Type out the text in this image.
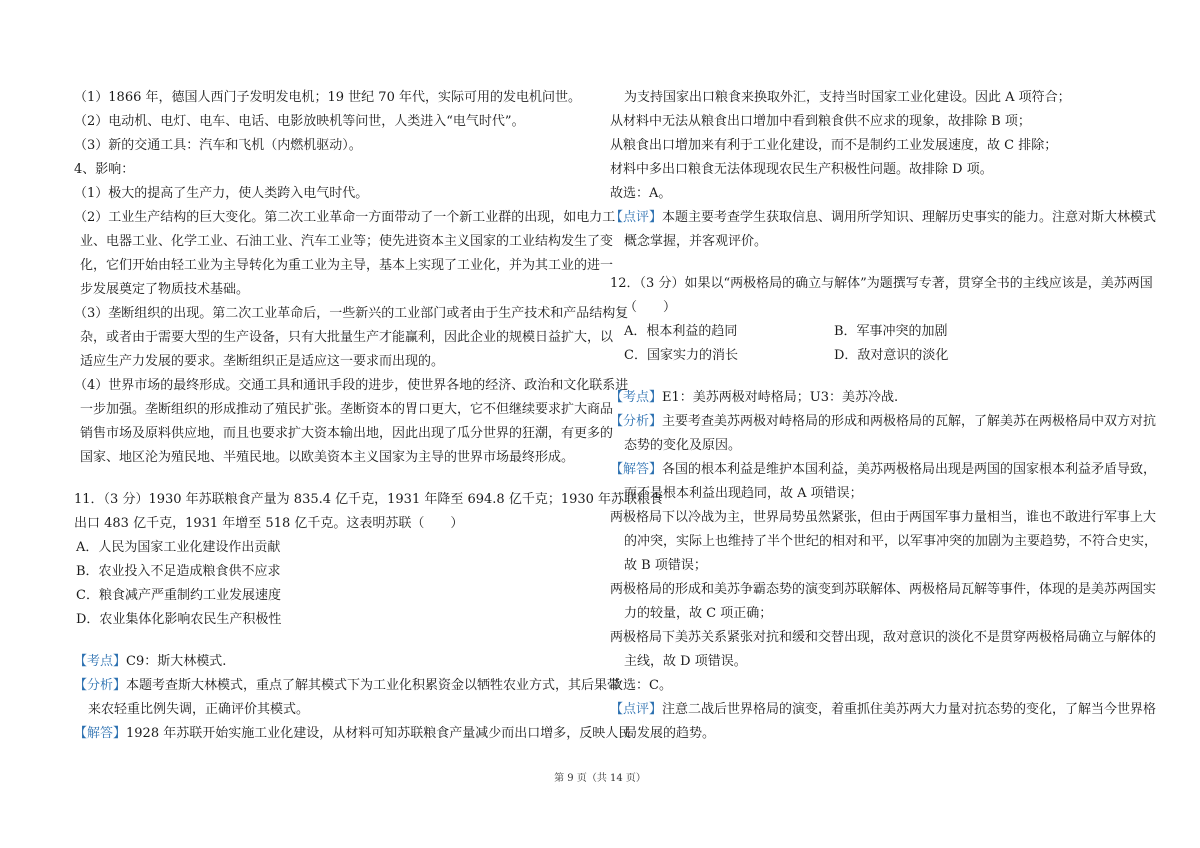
（1）1866 年，德国人西门子发明发电机；19 世纪 70 年代，实际可用的发电机问世。
（2）电动机、电灯、电车、电话、电影放映机等问世，人类进入“电气时代”。
（3）新的交通工具：汽车和飞机（内燃机驱动）。
4、影响：
（1）极大的提高了生产力，使人类跨入电气时代。
（2）工业生产结构的巨大变化。第二次工业革命一方面带动了一个新工业群的出现，如电力工
业、电器工业、化学工业、石油工业、汽车工业等；使先进资本主义国家的工业结构发生了变
化，它们开始由轻工业为主导转化为重工业为主导，基本上实现了工业化，并为其工业的进一
步发展奠定了物质技术基础。
（3）垄断组织的出现。第二次工业革命后，一些新兴的工业部门或者由于生产技术和产品结构复
杂，或者由于需要大型的生产设备，只有大批量生产才能赢利，因此企业的规模日益扩大，以
适应生产力发展的要求。垄断组织正是适应这一要求而出现的。
（4）世界市场的最终形成。交通工具和通讯手段的进步，使世界各地的经济、政治和文化联系进
一步加强。垄断组织的形成推动了殖民扩张。垄断资本的胃口更大，它不但继续要求扩大商品
销售市场及原料供应地，而且也要求扩大资本输出地，因此出现了瓜分世界的狂潮，有更多的
国家、地区沦为殖民地、半殖民地。以欧美资本主义国家为主导的世界市场最终形成。
11．（3 分）1930 年苏联粮食产量为 835.4 亿千克，1931 年降至 694.8 亿千克；1930 年苏联粮食
出口 483 亿千克，1931 年增至 518 亿千克。这表明苏联（　　）
A．人民为国家工业化建设作出贡献
B．农业投入不足造成粮食供不应求
C．粮食减产严重制约工业发展速度
D．农业集体化影响农民生产积极性
【考点】C9：斯大林模式.
【分析】本题考查斯大林模式，重点了解其模式下为工业化积累资金以牺牲农业方式，其后果带
来农轻重比例失调，正确评价其模式。
【解答】1928 年苏联开始实施工业化建设，从材料可知苏联粮食产量减少而出口增多，反映人民
为支持国家出口粮食来换取外汇，支持当时国家工业化建设。因此 A 项符合；
从材料中无法从粮食出口增加中看到粮食供不应求的现象，故排除 B 项；
从粮食出口增加来有利于工业化建设，而不是制约工业发展速度，故 C 排除；
材料中多出口粮食无法体现现农民生产积极性问题。故排除 D 项。
故选：A。
【点评】本题主要考查学生获取信息、调用所学知识、理解历史事实的能力。注意对斯大林模式
概念掌握，并客观评价。
12．（3 分）如果以“两极格局的确立与解体”为题撰写专著，贯穿全书的主线应该是，美苏两国
（　　）
A．根本利益的趋同	B．军事冲突的加剧
C．国家实力的消长	D．敌对意识的淡化
【考点】E1：美苏两极对峙格局；U3：美苏冷战.
【分析】主要考查美苏两极对峙格局的形成和两极格局的瓦解，了解美苏在两极格局中双方对抗
态势的变化及原因。
【解答】各国的根本利益是维护本国利益，美苏两极格局出现是两国的国家根本利益矛盾导致，
而不是根本利益出现趋同，故 A 项错误；
两极格局下以冷战为主，世界局势虽然紧张，但由于两国军事力量相当，谁也不敢进行军事上大
的冲突，实际上也维持了半个世纪的相对和平，以军事冲突的加剧为主要趋势，不符合史实，
故 B 项错误；
两极格局的形成和美苏争霸态势的演变到苏联解体、两极格局瓦解等事件，体现的是美苏两国实
力的较量，故 C 项正确；
两极格局下美苏关系紧张对抗和缓和交替出现，敌对意识的淡化不是贯穿两极格局确立与解体的
主线，故 D 项错误。
故选：C。
【点评】注意二战后世界格局的演变，着重抓住美苏两大力量对抗态势的变化，了解当今世界格
局发展的趋势。
第 9 页（共 14 页）
